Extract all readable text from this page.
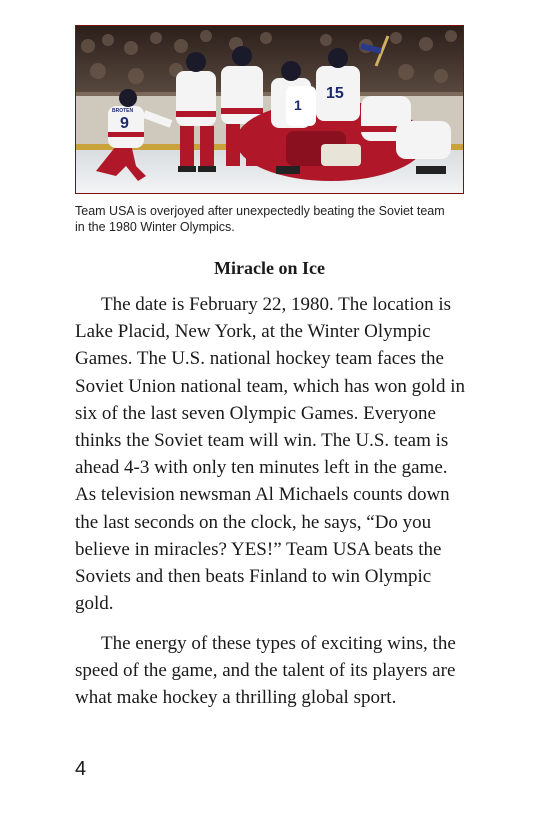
9
BROTEN
15
1

Team USA is overjoyed after unexpectedly beating the Soviet team
in the 1980 Winter Olympics.

Miracle on Ice

The date is February 22, 1980. The location is Lake Placid, New York, at the Winter Olympic Games. The U.S. national hockey team faces the Soviet Union national team, which has won gold in six of the last seven Olympic Games. Everyone thinks the Soviet team will win. The U.S. team is ahead 4-3 with only ten minutes left in the game. As television newsman Al Michaels counts down the last seconds on the clock, he says, “Do you believe in miracles? YES!” Team USA beats the Soviets and then beats Finland to win Olympic gold.

The energy of these types of exciting wins, the speed of the game, and the talent of its players are what make hockey a thrilling global sport.

4
